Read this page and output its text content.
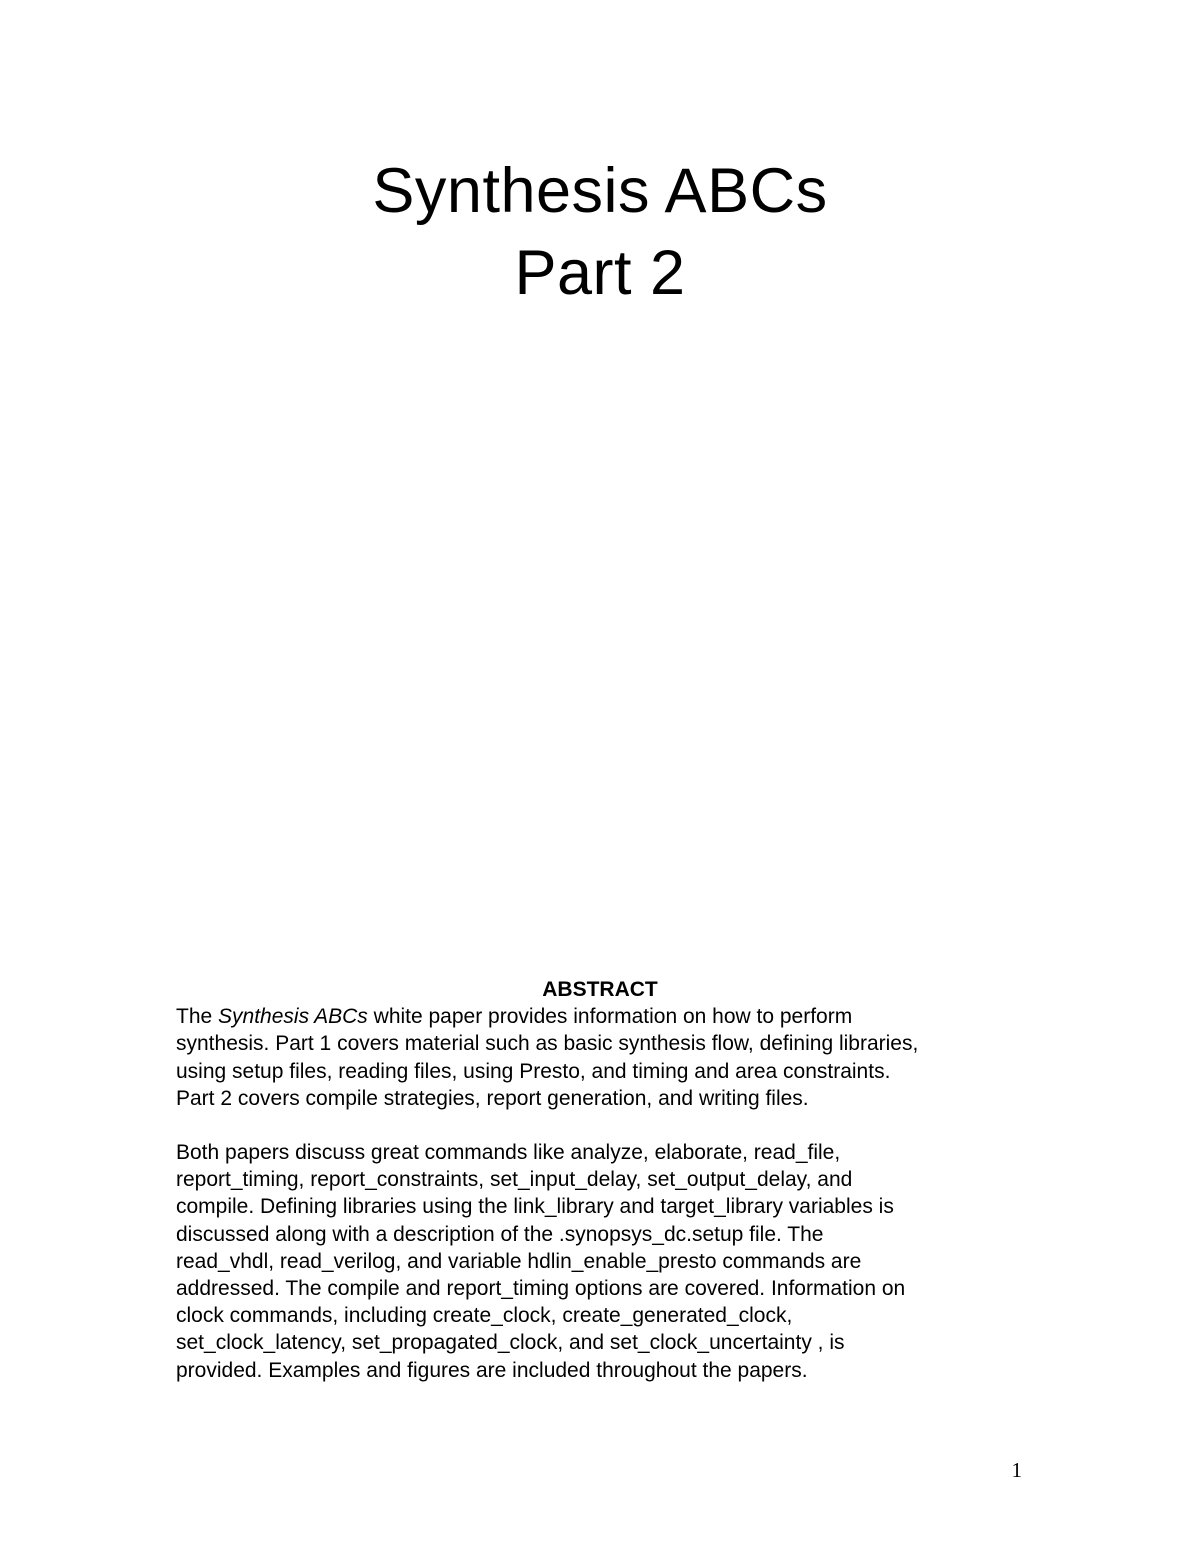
Synthesis ABCs
Part 2

ABSTRACT

The Synthesis ABCs white paper provides information on how to perform
synthesis. Part 1 covers material such as basic synthesis flow, defining libraries,
using setup files, reading files, using Presto, and timing and area constraints.
Part 2 covers compile strategies, report generation, and writing files.

Both papers discuss great commands like analyze, elaborate, read_file,
report_timing, report_constraints, set_input_delay, set_output_delay, and
compile. Defining libraries using the link_library and target_library variables is
discussed along with a description of the .synopsys_dc.setup file. The
read_vhdl, read_verilog, and variable hdlin_enable_presto commands are
addressed. The compile and report_timing options are covered. Information on
clock commands, including create_clock, create_generated_clock,
set_clock_latency, set_propagated_clock, and set_clock_uncertainty , is
provided. Examples and figures are included throughout the papers.

1
